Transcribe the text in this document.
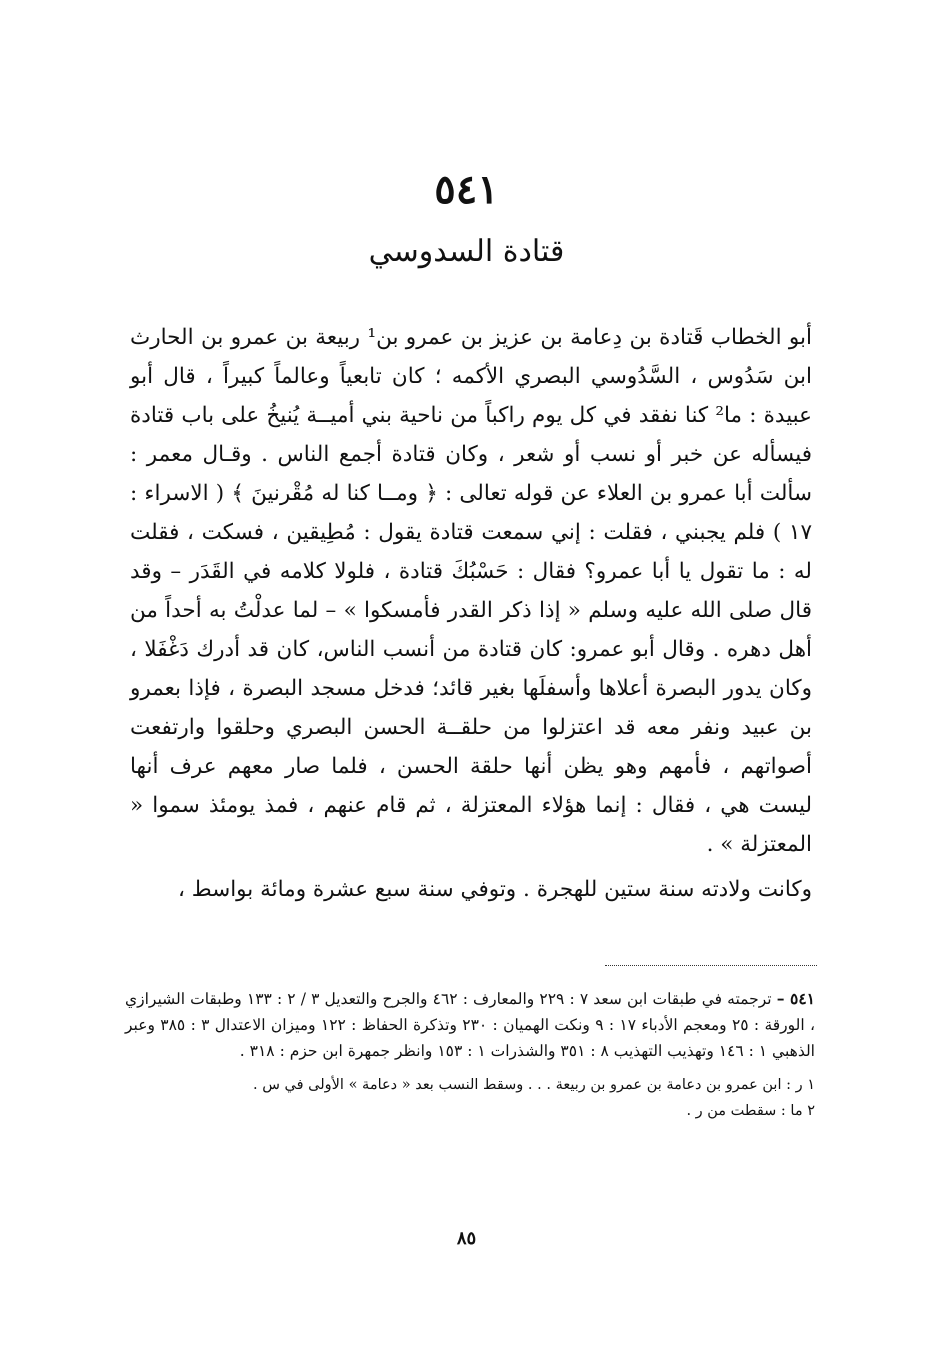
٥٤١
قتادة السدوسي

أبو الخطاب قَتادة بن دِعامة بن عزيز بن عمرو بن¹ ربيعة بن عمرو بن الحارث ابن سَدُوس ، السَّدُوسي البصري الأكمه ؛ كان تابعياً وعالماً كبيراً ، قال أبو عبيدة : ما² كنا نفقد في كل يوم راكباً من ناحية بني أميــة يُنيخُ على باب قتادة فيسأله عن خبر أو نسب أو شعر ، وكان قتادة أجمع الناس . وقـال معمر : سألت أبا عمرو بن العلاء عن قوله تعالى : ﴿ ومــا كنا له مُقْرنينَ ﴾ ( الاسراء : ١٧ ) فلم يجبني ، فقلت : إني سمعت قتادة يقول : مُطِيقين ، فسكت ، فقلت له : ما تقول يا أبا عمرو؟ فقال : حَسْبُكَ قتادة ، فلولا كلامه في القَدَر – وقد قال صلى الله عليه وسلم « إذا ذكر القدر فأمسكوا » – لما عدلْتُ به أحداً من أهل دهره . وقال أبو عمرو: كان قتادة من أنسب الناس، كان قد أدرك دَغْفَلا ، وكان يدور البصرة أعلاها وأسفلَها بغير قائد؛ فدخل مسجد البصرة ، فإذا بعمرو بن عبيد ونفر معه قد اعتزلوا من حلقــة الحسن البصري وحلقوا وارتفعت أصواتهم ، فأمهم وهو يظن أنها حلقة الحسن ، فلما صار معهم عرف أنها ليست هي ، فقال : إنما هؤلاء المعتزلة ، ثم قام عنهم ، فمذ يومئذ سموا « المعتزلة » .

وكانت ولادته سنة ستين للهجرة . وتوفي سنة سبع عشرة ومائة بواسط ،

٥٤١ – ترجمته في طبقات ابن سعد ٧ : ٢٢٩ والمعارف : ٤٦٢ والجرح والتعديل ٣ / ٢ : ١٣٣ وطبقات الشيرازي ، الورقة : ٢٥ ومعجم الأدباء ١٧ : ٩ ونكت الهميان : ٢٣٠ وتذكرة الحفاظ : ١٢٢ وميزان الاعتدال ٣ : ٣٨٥ وعبر الذهبي ١ : ١٤٦ وتهذيب التهذيب ٨ : ٣٥١ والشذرات ١ : ١٥٣ وانظر جمهرة ابن حزم : ٣١٨ .

١ ر : ابن عمرو بن دعامة بن عمرو بن ربيعة . . . وسقط النسب بعد « دعامة » الأولى في س .

٢ ما : سقطت من ر .

٨٥
